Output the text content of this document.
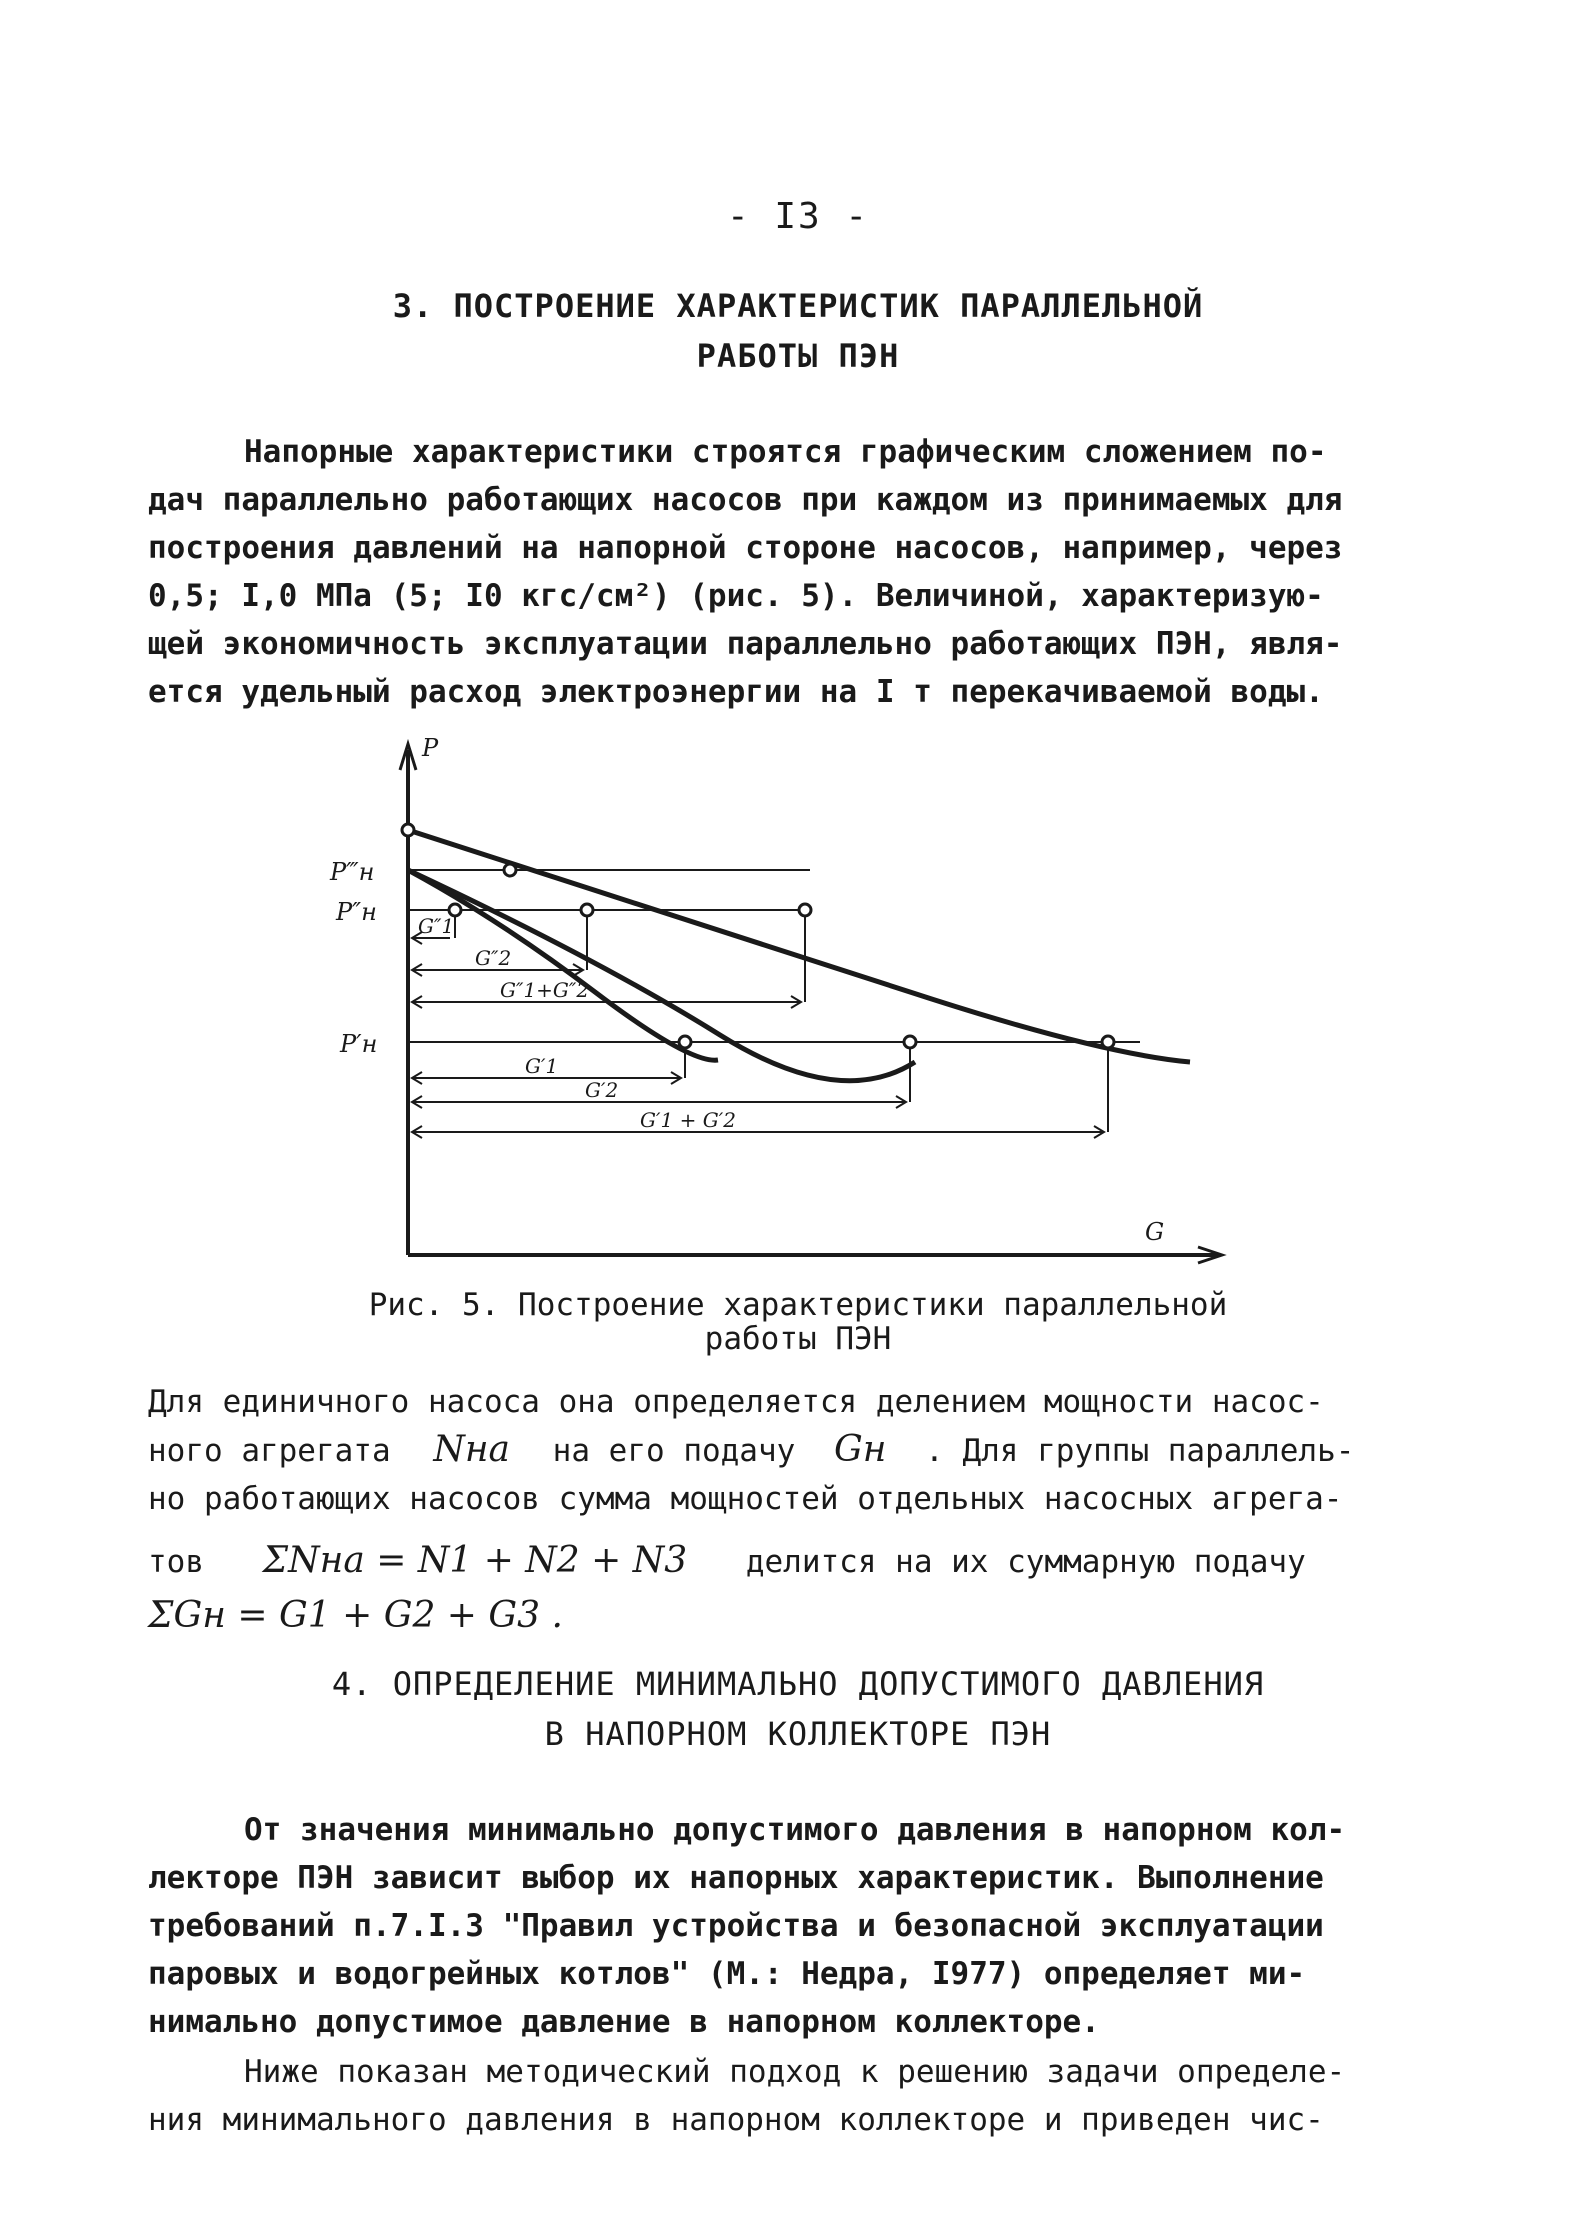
- I3 -
3. ПОСТРОЕНИЕ ХАРАКТЕРИСТИК ПАРАЛЛЕЛЬНОЙ
РАБОТЫ ПЭН
Напорные характеристики строятся графическим сложением по-
дач параллельно работающих насосов при каждом из принимаемых для
построения давлений на напорной стороне насосов, например, через
0,5; I,0 МПа (5; I0 кгс/см²) (рис. 5). Величиной, характеризую-
щей экономичность эксплуатации параллельно работающих ПЭН, явля-
ется удельный расход электроэнергии на I т перекачиваемой воды.
P
G
P‴н
P″н
P′н
G″1
G″2
G″1+G″2
G′1
G′2
G′1 + G′2
Рис. 5. Построение характеристики параллельной
работы ПЭН
Для единичного насоса она определяется делением мощности насос-
ного агрегата Nна на его подачу Gн . Для группы параллель-
но работающих насосов сумма мощностей отдельных насосных агрега-
тов ΣNна = N1 + N2 + N3 делится на их суммарную подачу
ΣGн = G1 + G2 + G3 .
4. ОПРЕДЕЛЕНИЕ МИНИМАЛЬНО ДОПУСТИМОГО ДАВЛЕНИЯ
В НАПОРНОМ КОЛЛЕКТОРЕ ПЭН
От значения минимально допустимого давления в напорном кол-
лекторе ПЭН зависит выбор их напорных характеристик. Выполнение
требований п.7.I.3 "Правил устройства и безопасной эксплуатации
паровых и водогрейных котлов" (М.: Недра, I977) определяет ми-
нимально допустимое давление в напорном коллекторе.
Ниже показан методический подход к решению задачи определе-
ния минимального давления в напорном коллекторе и приведен чис-
